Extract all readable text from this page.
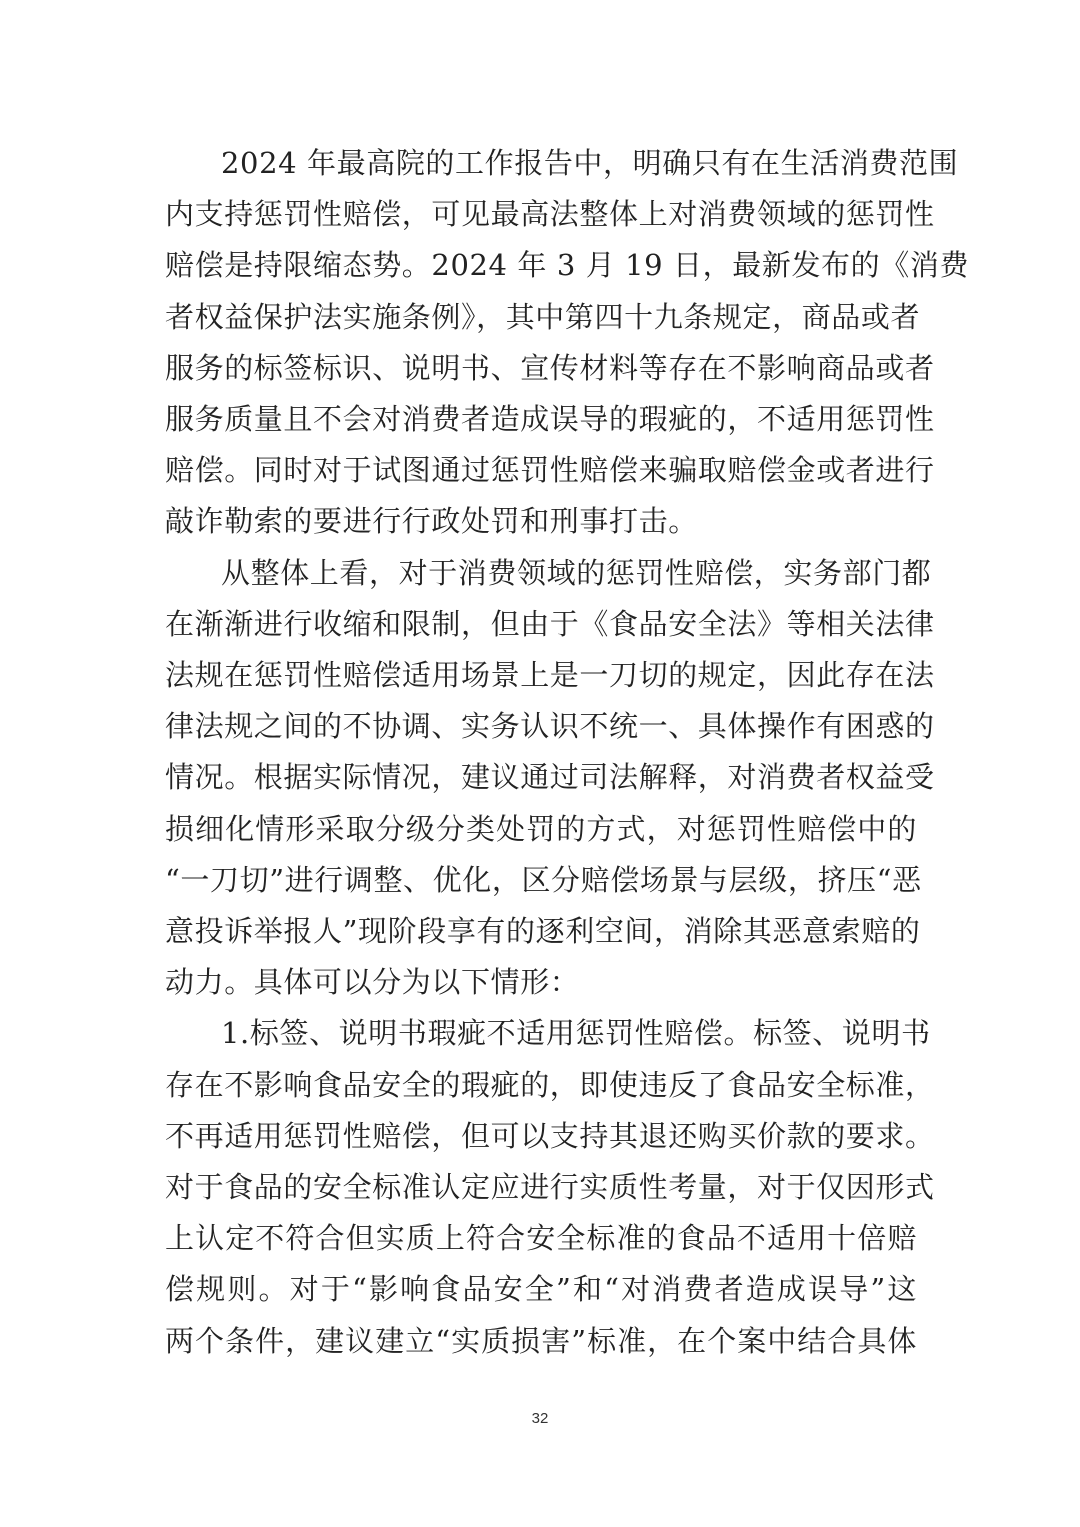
2024 年最高院的工作报告中，明确只有在生活消费范围
内支持惩罚性赔偿，可见最高法整体上对消费领域的惩罚性
赔偿是持限缩态势。2024 年 3 月 19 日，最新发布的《消费
者权益保护法实施条例》，其中第四十九条规定，商品或者
服务的标签标识、说明书、宣传材料等存在不影响商品或者
服务质量且不会对消费者造成误导的瑕疵的，不适用惩罚性
赔偿。同时对于试图通过惩罚性赔偿来骗取赔偿金或者进行
敲诈勒索的要进行行政处罚和刑事打击。
从整体上看，对于消费领域的惩罚性赔偿，实务部门都
在渐渐进行收缩和限制，但由于《食品安全法》等相关法律
法规在惩罚性赔偿适用场景上是一刀切的规定，因此存在法
律法规之间的不协调、实务认识不统一、具体操作有困惑的
情况。根据实际情况，建议通过司法解释，对消费者权益受
损细化情形采取分级分类处罚的方式，对惩罚性赔偿中的
“一刀切”进行调整、优化，区分赔偿场景与层级，挤压“恶
意投诉举报人”现阶段享有的逐利空间，消除其恶意索赔的
动力。具体可以分为以下情形：
1.标签、说明书瑕疵不适用惩罚性赔偿。标签、说明书
存在不影响食品安全的瑕疵的，即使违反了食品安全标准，
不再适用惩罚性赔偿，但可以支持其退还购买价款的要求。
对于食品的安全标准认定应进行实质性考量，对于仅因形式
上认定不符合但实质上符合安全标准的食品不适用十倍赔
偿规则。对于“影响食品安全”和“对消费者造成误导”这
两个条件，建议建立“实质损害”标准，在个案中结合具体
32
